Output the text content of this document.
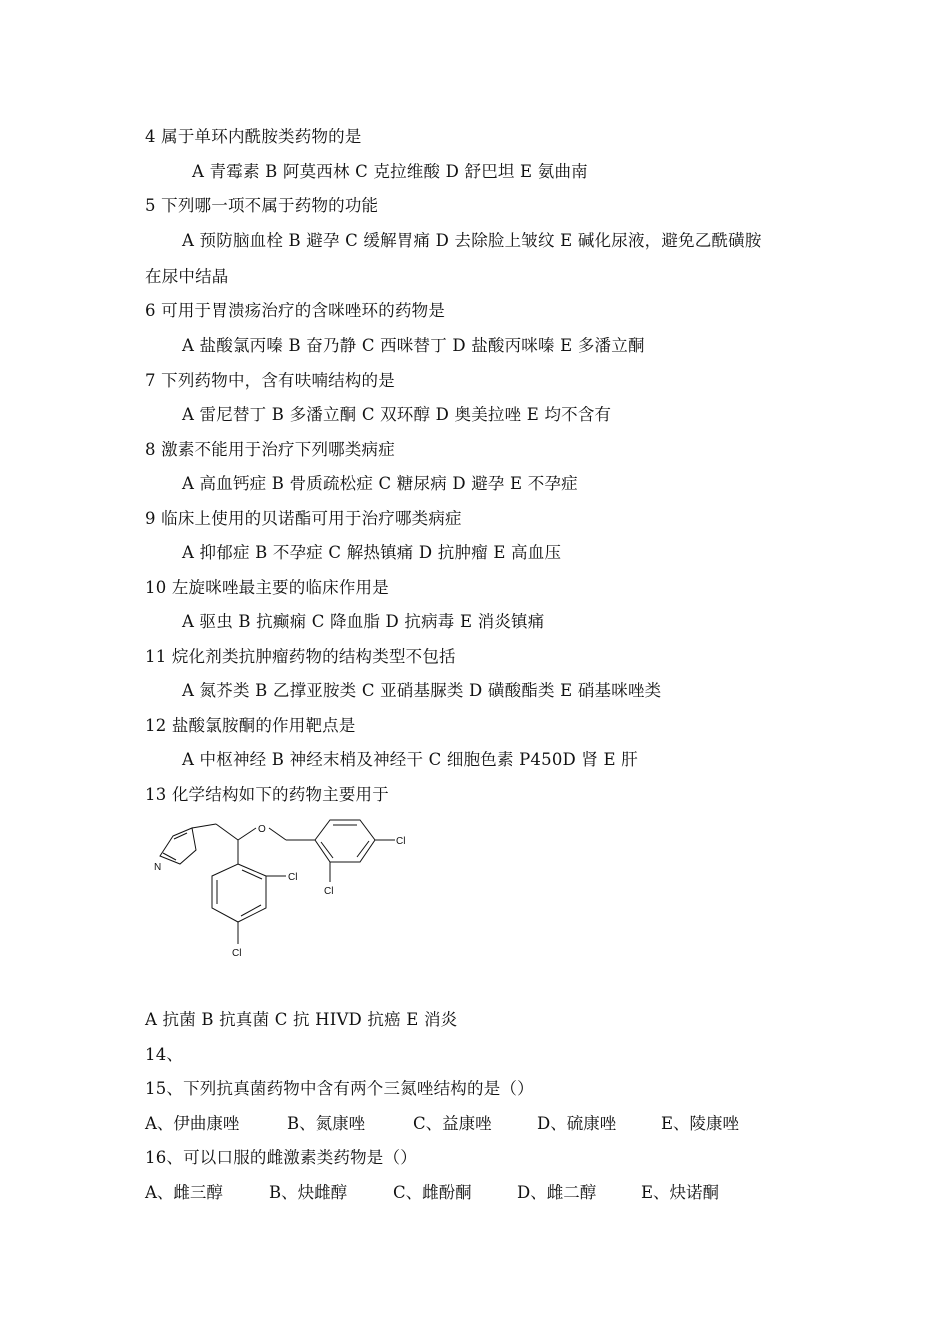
4 属于单环内酰胺类药物的是
A 青霉素 B 阿莫西林 C 克拉维酸 D 舒巴坦 E 氨曲南
5 下列哪一项不属于药物的功能
A 预防脑血栓 B 避孕 C 缓解胃痛 D 去除脸上皱纹 E 碱化尿液，避免乙酰磺胺
在尿中结晶
6 可用于胃溃疡治疗的含咪唑环的药物是
A 盐酸氯丙嗪 B 奋乃静 C 西咪替丁 D 盐酸丙咪嗪 E 多潘立酮
7 下列药物中，含有呋喃结构的是
A 雷尼替丁 B 多潘立酮 C 双环醇 D 奥美拉唑 E 均不含有
8 激素不能用于治疗下列哪类病症
A 高血钙症 B 骨质疏松症 C 糖尿病 D 避孕 E 不孕症
9 临床上使用的贝诺酯可用于治疗哪类病症
A 抑郁症 B 不孕症 C 解热镇痛 D 抗肿瘤 E 高血压
10 左旋咪唑最主要的临床作用是
A 驱虫 B 抗癫痫 C 降血脂 D 抗病毒 E 消炎镇痛
11 烷化剂类抗肿瘤药物的结构类型不包括
A 氮芥类 B 乙撑亚胺类 C 亚硝基脲类 D 磺酸酯类 E 硝基咪唑类
12 盐酸氯胺酮的作用靶点是
A 中枢神经 B 神经末梢及神经干 C 细胞色素 P450D 肾 E 肝
13 化学结构如下的药物主要用于
O
N
Cl
Cl
Cl
Cl
A 抗菌 B 抗真菌 C 抗 HIVD 抗癌 E 消炎
14、
15、下列抗真菌药物中含有两个三氮唑结构的是（）
A、伊曲康唑	B、氮康唑	C、益康唑	D、硫康唑	E、陵康唑
16、可以口服的雌激素类药物是（）
A、雌三醇	B、炔雌醇	C、雌酚酮	D、雌二醇	E、炔诺酮
